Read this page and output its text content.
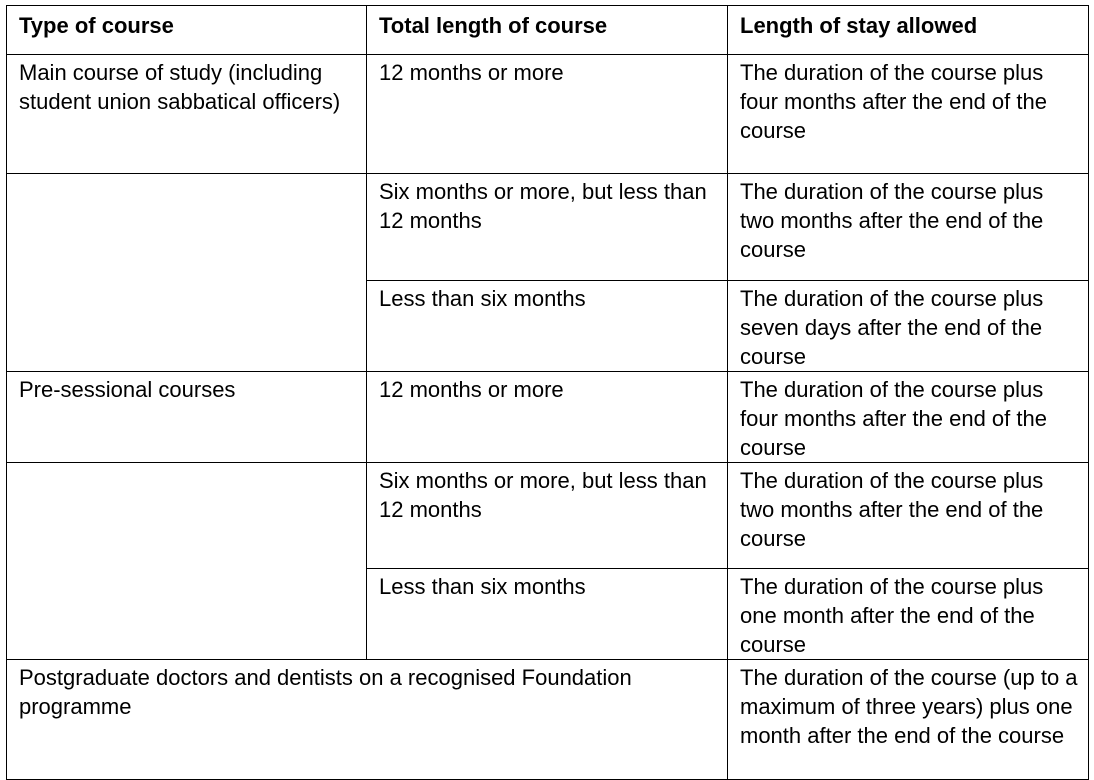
Type of course	Total length of course	Length of stay allowed
Main course of study (including student union sabbatical officers)	12 months or more	The duration of the course plus four months after the end of the course
	Six months or more, but less than 12 months	The duration of the course plus two months after the end of the course
	Less than six months	The duration of the course plus seven days after the end of the course
Pre-sessional courses	12 months or more	The duration of the course plus four months after the end of the course
	Six months or more, but less than 12 months	The duration of the course plus two months after the end of the course
	Less than six months	The duration of the course plus one month after the end of the course
Postgraduate doctors and dentists on a recognised Foundation programme		The duration of the course (up to a maximum of three years) plus one month after the end of the course
